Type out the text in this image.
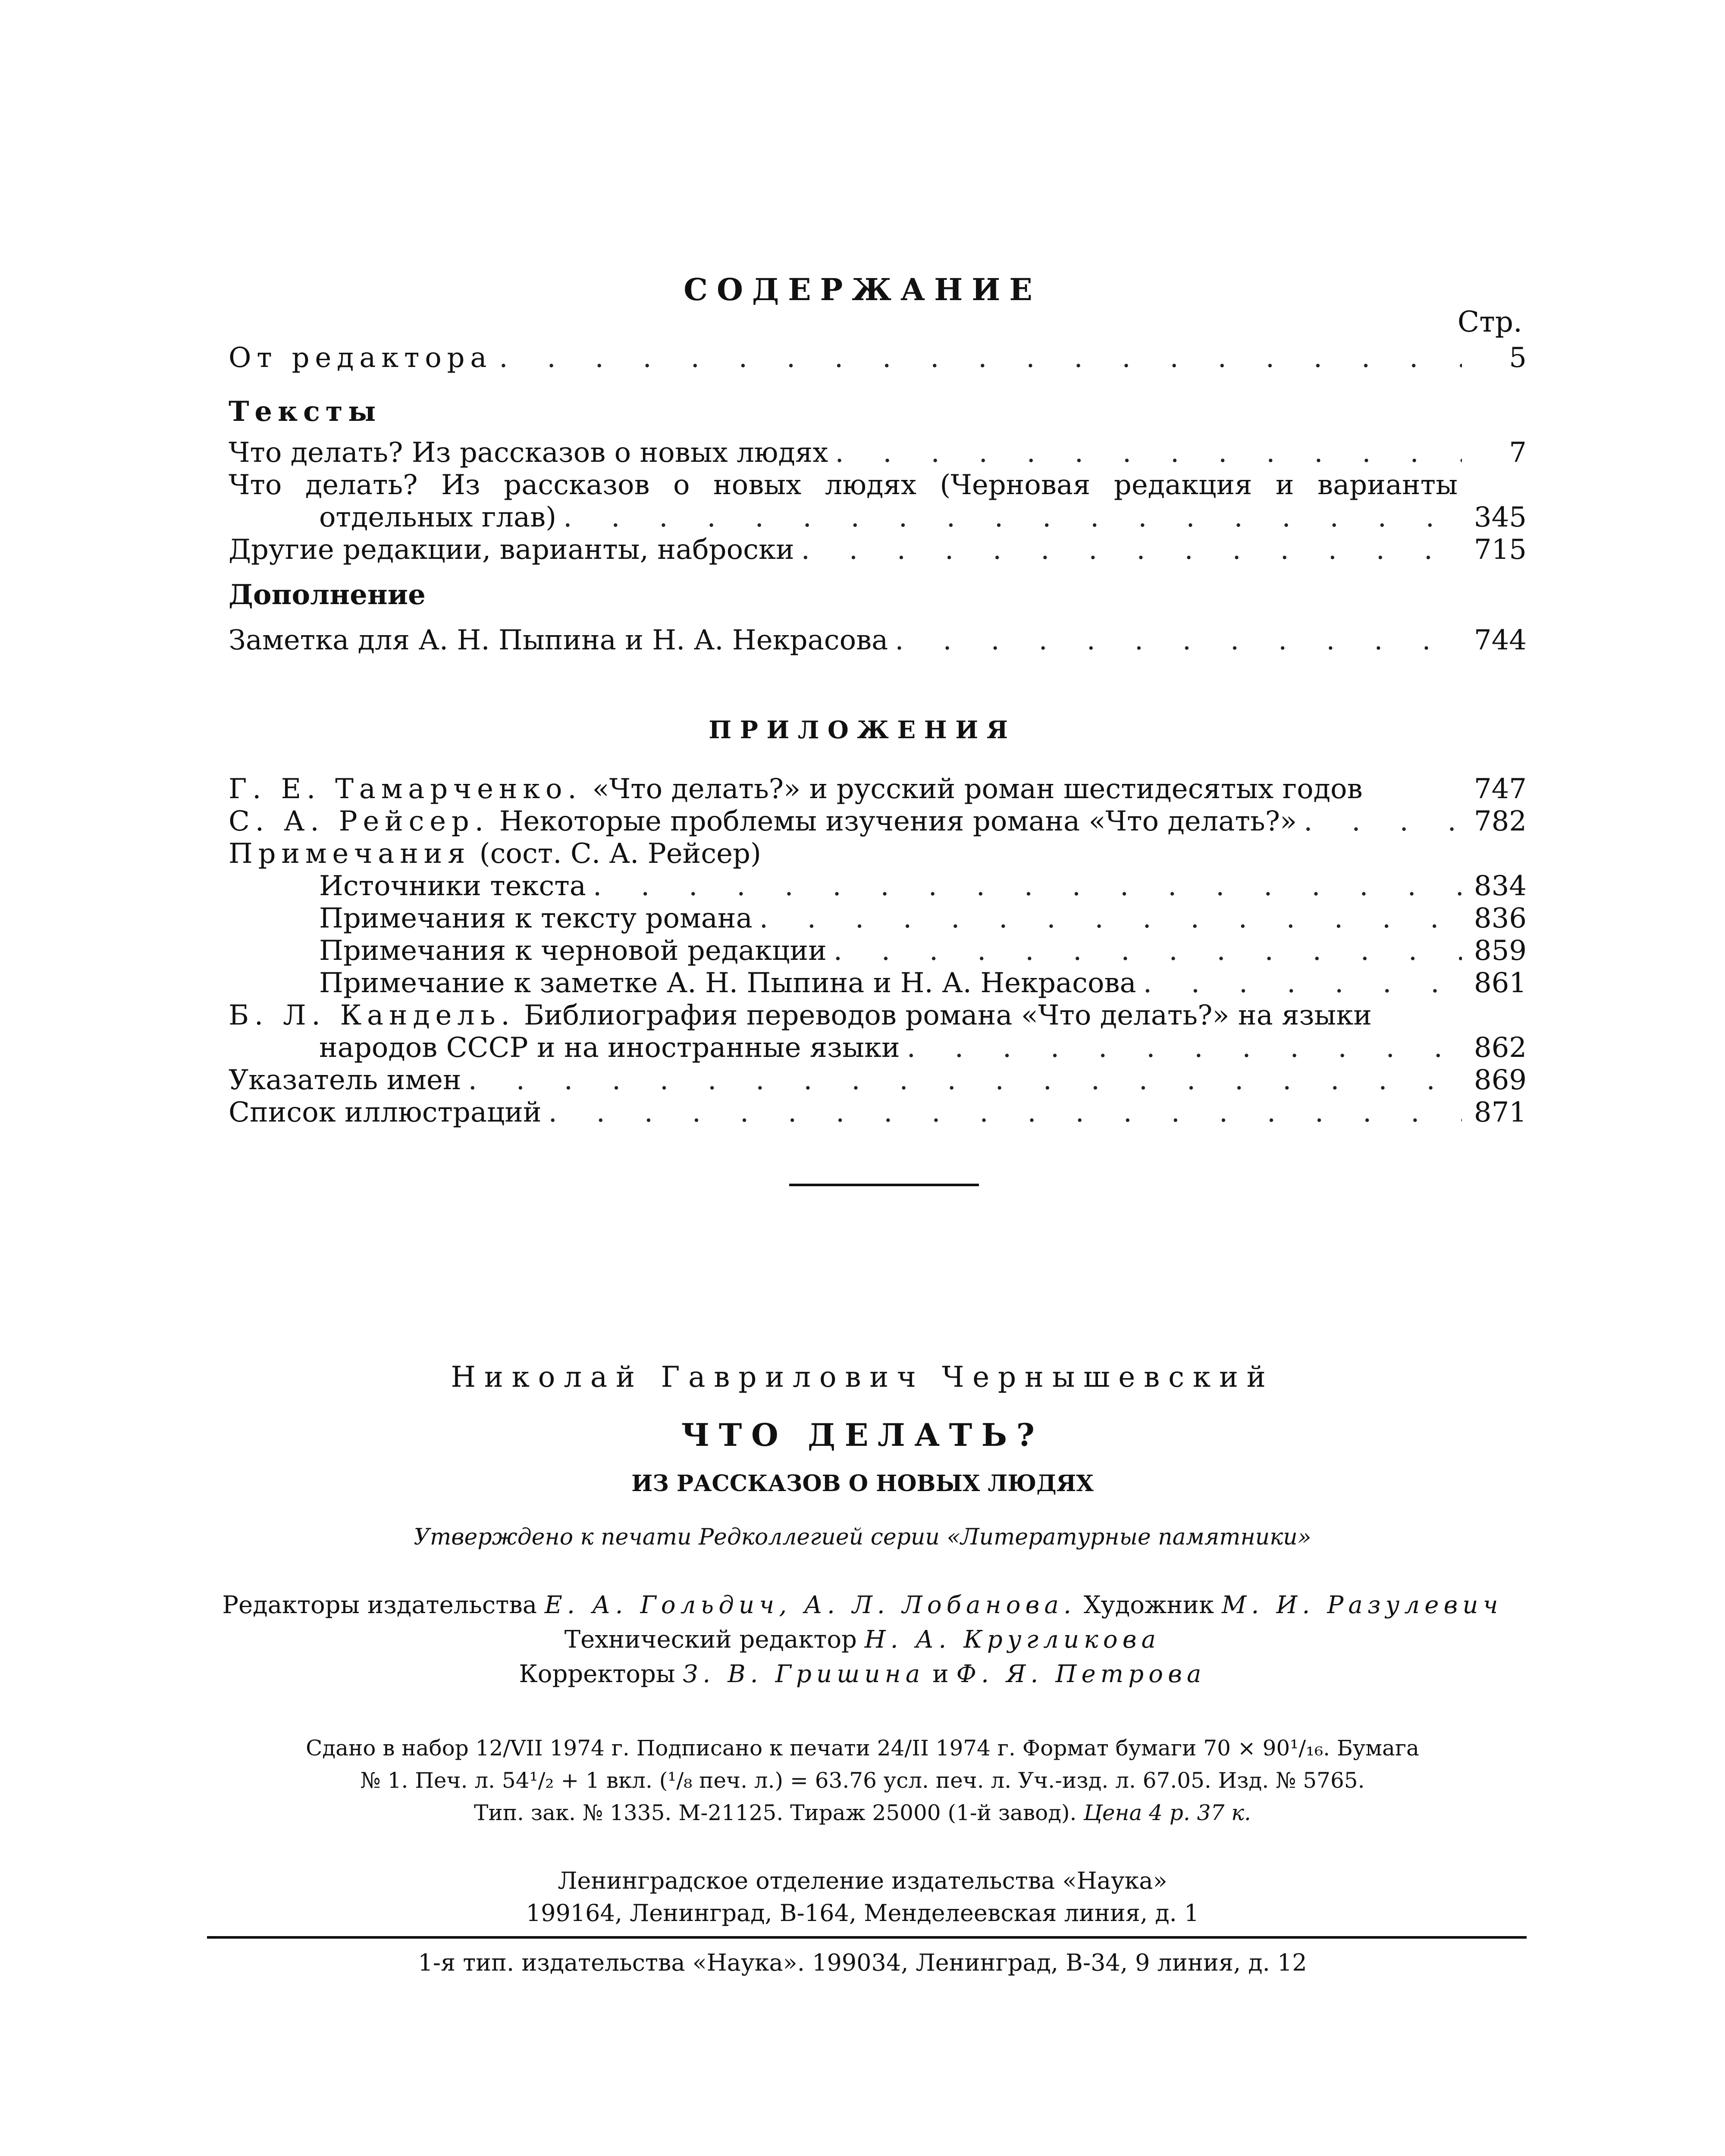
СОДЕРЖАНИЕ
Стр.
От редактора . . .	5
Тексты
Что делать? Из рассказов о новых людях . . .	7
Что делать? Из рассказов о новых людях (Черновая редакция и варианты
отдельных глав) . . .	345
Другие редакции, варианты, наброски . . .	715
Дополнение
Заметка для А. Н. Пыпина и Н. А. Некрасова . . .	744
ПРИЛОЖЕНИЯ
Г. Е. Тамарченко. «Что делать?» и русский роман шестидесятых годов	747
С. А. Рейсер. Некоторые проблемы изучения романа «Что делать?» . . .	782
Примечания (сост. С. А. Рейсер)
Источники текста . . .	834
Примечания к тексту романа . . .	836
Примечания к черновой редакции . . .	859
Примечание к заметке А. Н. Пыпина и Н. А. Некрасова . . .	861
Б. Л. Кандель. Библиография переводов романа «Что делать?» на языки
народов СССР и на иностранные языки . . .	862
Указатель имен . . .	869
Список иллюстраций . . .	871
Николай Гаврилович Чернышевский
ЧТО ДЕЛАТЬ?
ИЗ РАССКАЗОВ О НОВЫХ ЛЮДЯХ
Утверждено к печати Редколлегией серии «Литературные памятники»
Редакторы издательства Е. А. Гольдич, А. Л. Лобанова. Художник М. И. Разулевич
Технический редактор Н. А. Кругликова
Корректоры З. В. Гришина и Ф. Я. Петрова
Сдано в набор 12/VII 1974 г. Подписано к печати 24/II 1974 г. Формат бумаги 70 × 90¹/₁₆. Бумага
№ 1. Печ. л. 54¹/₂ + 1 вкл. (¹/₈ печ. л.) = 63.76 усл. печ. л. Уч.-изд. л. 67.05. Изд. № 5765.
Тип. зак. № 1335. М-21125. Тираж 25000 (1-й завод). Цена 4 р. 37 к.
Ленинградское отделение издательства «Наука»
199164, Ленинград, В-164, Менделеевская линия, д. 1
1-я тип. издательства «Наука». 199034, Ленинград, В-34, 9 линия, д. 12
